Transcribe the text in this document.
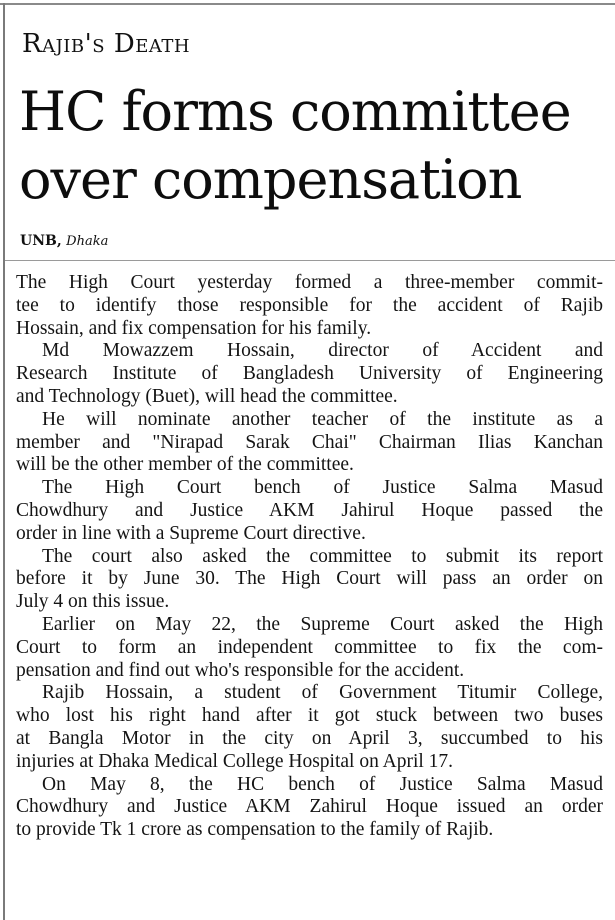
Rajib's Death
HC forms committee over compensation
UNB, Dhaka
The High Court yesterday formed a three-member commit-
tee to identify those responsible for the accident of Rajib
Hossain, and fix compensation for his family.
Md Mowazzem Hossain, director of Accident and
Research Institute of Bangladesh University of Engineering
and Technology (Buet), will head the committee.
He will nominate another teacher of the institute as a
member and "Nirapad Sarak Chai" Chairman Ilias Kanchan
will be the other member of the committee.
The High Court bench of Justice Salma Masud
Chowdhury and Justice AKM Jahirul Hoque passed the
order in line with a Supreme Court directive.
The court also asked the committee to submit its report
before it by June 30. The High Court will pass an order on
July 4 on this issue.
Earlier on May 22, the Supreme Court asked the High
Court to form an independent committee to fix the com-
pensation and find out who's responsible for the accident.
Rajib Hossain, a student of Government Titumir College,
who lost his right hand after it got stuck between two buses
at Bangla Motor in the city on April 3, succumbed to his
injuries at Dhaka Medical College Hospital on April 17.
On May 8, the HC bench of Justice Salma Masud
Chowdhury and Justice AKM Zahirul Hoque issued an order
to provide Tk 1 crore as compensation to the family of Rajib.
